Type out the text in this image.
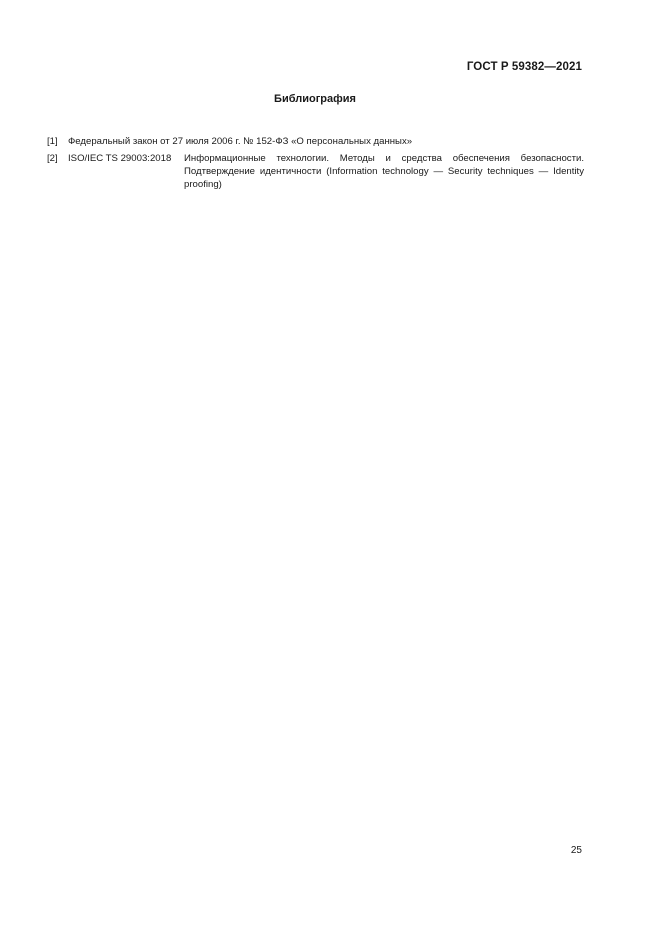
ГОСТ Р 59382—2021
Библиография
[1]	Федеральный закон от 27 июля 2006 г. № 152-ФЗ «О персональных данных»
[2]	ISO/IEC TS 29003:2018	Информационные технологии. Методы и средства обеспечения безопасности. Подтверждение идентичности (Information technology — Security techniques — Identity proofing)
25
